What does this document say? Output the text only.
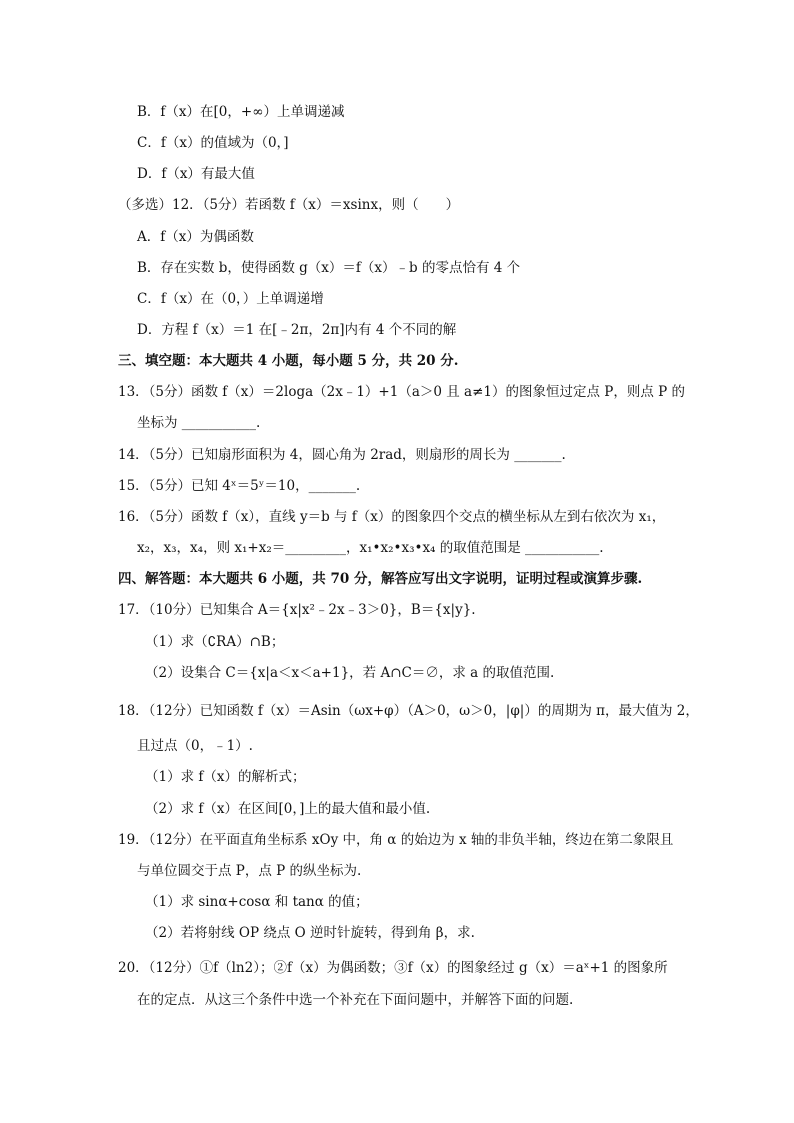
B．f（x）在[0，+∞）上单调递减
C．f（x）的值域为（0，]
D．f（x）有最大值
（多选）12．（5分）若函数 f（x）＝xsinx，则（　　）
A．f（x）为偶函数
B．存在实数 b，使得函数 g（x）＝f（x）﹣b 的零点恰有 4 个
C．f（x）在（0，）上单调递增
D．方程 f（x）＝1 在[﹣2π，2π]内有 4 个不同的解
三、填空题：本大题共 4 小题，每小题 5 分，共 20 分.
13．（5分）函数 f（x）＝2loga（2x﹣1）+1（a＞0 且 a≠1）的图象恒过定点 P，则点 P 的
坐标为 ___________.
14．（5分）已知扇形面积为 4，圆心角为 2rad，则扇形的周长为 _______.
15．（5分）已知 4ˣ＝5ʸ＝10，_______.
16．（5分）函数 f（x），直线 y＝b 与 f（x）的图象四个交点的横坐标从左到右依次为 x₁，
x₂，x₃，x₄，则 x₁+x₂＝_________，x₁•x₂•x₃•x₄ 的取值范围是 ___________.
四、解答题：本大题共 6 小题，共 70 分，解答应写出文字说明，证明过程或演算步骤.
17．（10分）已知集合 A＝{x|x²﹣2x﹣3＞0}，B＝{x|y}.
（1）求（∁RA）∩B；
（2）设集合 C＝{x|a＜x＜a+1}，若 A∩C＝∅，求 a 的取值范围.
18．（12分）已知函数 f（x）＝Asin（ωx+φ）（A＞0，ω＞0，|φ|）的周期为 π，最大值为 2，
且过点（0，﹣1）.
（1）求 f（x）的解析式；
（2）求 f（x）在区间[0，]上的最大值和最小值.
19．（12分）在平面直角坐标系 xOy 中，角 α 的始边为 x 轴的非负半轴，终边在第二象限且
与单位圆交于点 P，点 P 的纵坐标为.
（1）求 sinα+cosα 和 tanα 的值；
（2）若将射线 OP 绕点 O 逆时针旋转，得到角 β，求.
20．（12分）①f（ln2）；②f（x）为偶函数；③f（x）的图象经过 g（x）＝aˣ+1 的图象所
在的定点．从这三个条件中选一个补充在下面问题中，并解答下面的问题.
